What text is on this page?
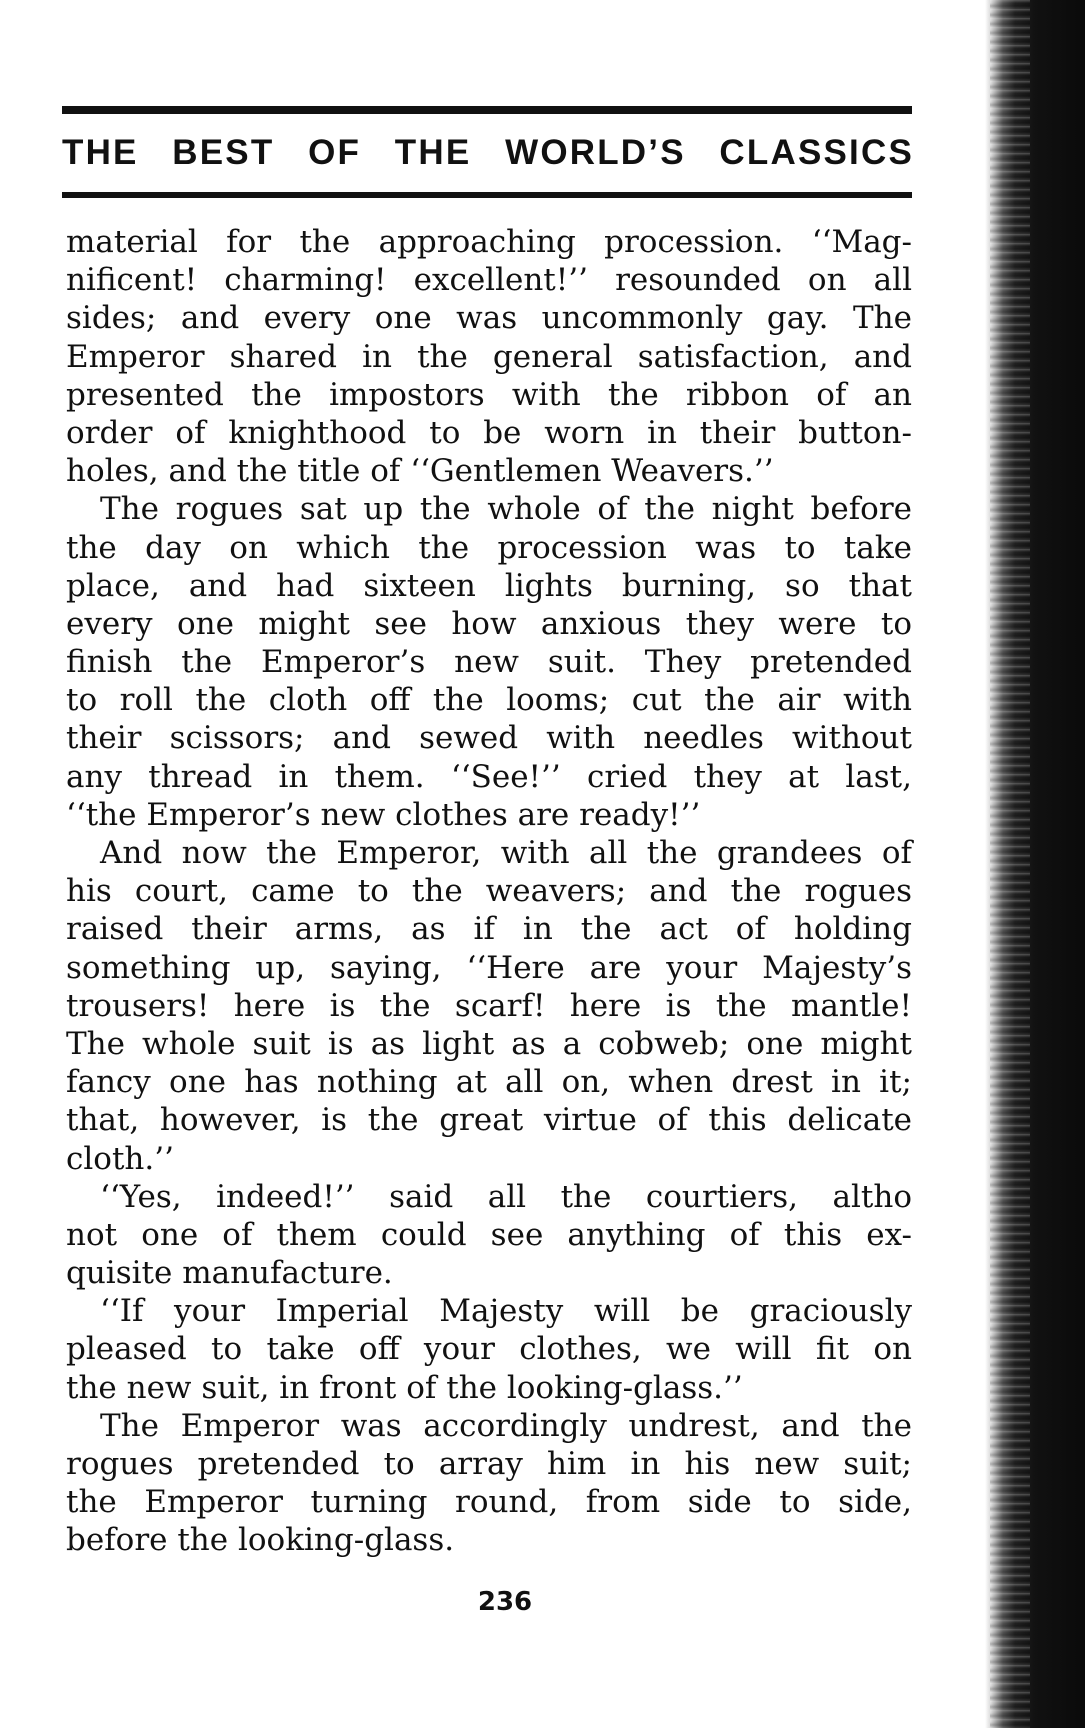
THE BEST OF THE WORLD’S CLASSICS
material for the approaching procession. ‘‘Mag-
nificent! charming! excellent!’’ resounded on all
sides; and every one was uncommonly gay. The
Emperor shared in the general satisfaction, and
presented the impostors with the ribbon of an
order of knighthood to be worn in their button-
holes, and the title of ‘‘Gentlemen Weavers.’’
The rogues sat up the whole of the night before
the day on which the procession was to take
place, and had sixteen lights burning, so that
every one might see how anxious they were to
finish the Emperor’s new suit. They pretended
to roll the cloth off the looms; cut the air with
their scissors; and sewed with needles without
any thread in them. ‘‘See!’’ cried they at last,
‘‘the Emperor’s new clothes are ready!’’
And now the Emperor, with all the grandees of
his court, came to the weavers; and the rogues
raised their arms, as if in the act of holding
something up, saying, ‘‘Here are your Majesty’s
trousers! here is the scarf! here is the mantle!
The whole suit is as light as a cobweb; one might
fancy one has nothing at all on, when drest in it;
that, however, is the great virtue of this delicate
cloth.’’
‘‘Yes, indeed!’’ said all the courtiers, altho
not one of them could see anything of this ex-
quisite manufacture.
‘‘If your Imperial Majesty will be graciously
pleased to take off your clothes, we will fit on
the new suit, in front of the looking-glass.’’
The Emperor was accordingly undrest, and the
rogues pretended to array him in his new suit;
the Emperor turning round, from side to side,
before the looking-glass.
236
